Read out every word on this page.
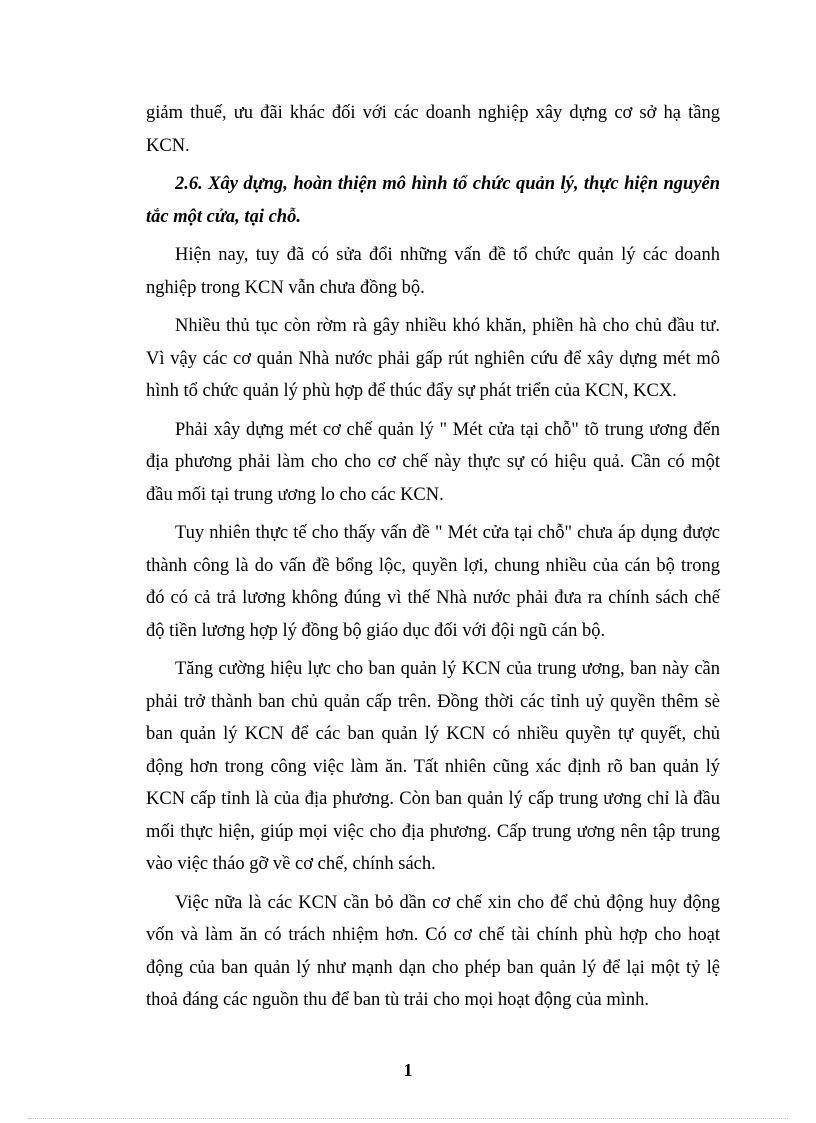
giảm thuế, ưu đãi khác đối với các doanh nghiệp xây dựng cơ sở hạ tầng KCN.

2.6. Xây dựng, hoàn thiện mô hình tổ chức quản lý, thực hiện nguyên tắc một cửa, tại chỗ.

Hiện nay, tuy đã có sửa đổi những vấn đề tổ chức quản lý các doanh nghiệp trong KCN vẫn chưa đồng bộ.

Nhiều thủ tục còn rờm rà gây nhiều khó khăn, phiền hà cho chủ đầu tư. Vì vậy các cơ quản Nhà nước phải gấp rút nghiên cứu để xây dựng mét mô hình tổ chức quản lý phù hợp để thúc đẩy sự phát triển của KCN, KCX.

Phải xây dựng mét cơ chế quản lý " Mét cửa tại chỗ" tõ trung ương đến địa phương phải làm cho cho cơ chế này thực sự có hiệu quả. Cần có một đầu mối tại trung ương lo cho các KCN.

Tuy nhiên thực tế cho thấy vấn đề " Mét cửa tại chỗ" chưa áp dụng được thành công là do vấn đề bổng lộc, quyền lợi, chung nhiều của cán bộ trong đó có cả trả lương không đúng vì thế Nhà nước phải đưa ra chính sách chế độ tiền lương hợp lý đồng bộ giáo dục đối với đội ngũ cán bộ.

Tăng cường hiệu lực cho ban quản lý KCN của trung ương, ban này cần phải trở thành ban chủ quản cấp trên. Đồng thời các tỉnh uỷ quyền thêm sè ban quản lý KCN để các ban quản lý KCN có nhiều quyền tự quyết, chủ động hơn trong công việc làm ăn. Tất nhiên cũng xác định rõ ban quản lý KCN cấp tỉnh là của địa phương. Còn ban quản lý cấp trung ương chỉ là đầu mối thực hiện, giúp mọi việc cho địa phương. Cấp trung ương nên tập trung vào việc tháo gỡ về cơ chế, chính sách.

Việc nữa là các KCN cần bỏ dần cơ chế xin cho để chủ động huy động vốn và làm ăn có trách nhiệm hơn. Có cơ chế tài chính phù hợp cho hoạt động của ban quản lý như mạnh dạn cho phép ban quản lý để lại một tỷ lệ thoả đáng các nguồn thu để ban tù trải cho mọi hoạt động của mình.

1
